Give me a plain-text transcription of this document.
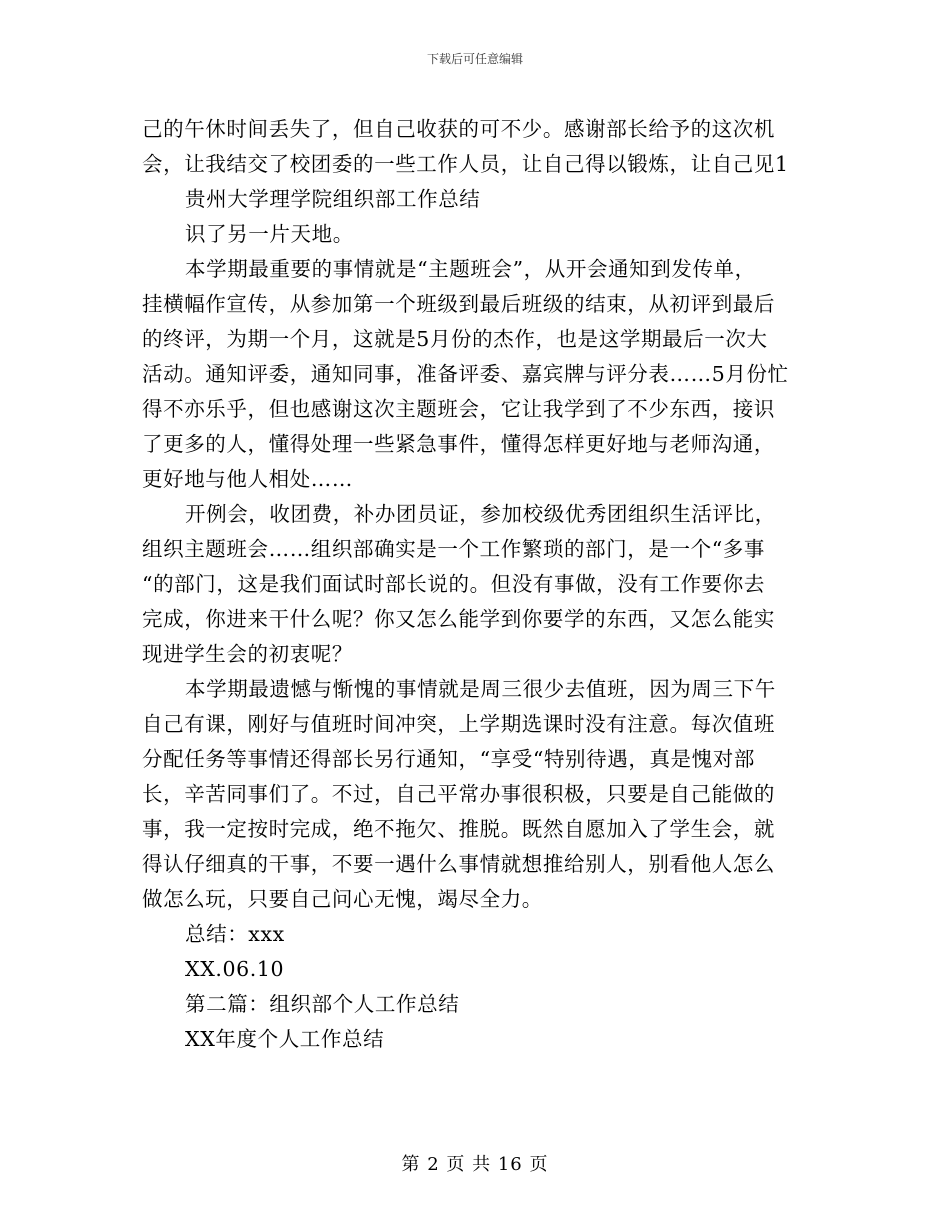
下载后可任意编辑
己的午休时间丢失了，但自己收获的可不少。感谢部长给予的这次机
会，让我结交了校团委的一些工作人员，让自己得以锻炼，让自己见1
贵州大学理学院组织部工作总结
识了另一片天地。
本学期最重要的事情就是“主题班会”，从开会通知到发传单，
挂横幅作宣传，从参加第一个班级到最后班级的结束，从初评到最后
的终评，为期一个月，这就是5月份的杰作，也是这学期最后一次大
活动。通知评委，通知同事，准备评委、嘉宾牌与评分表……5月份忙
得不亦乐乎，但也感谢这次主题班会，它让我学到了不少东西，接识
了更多的人，懂得处理一些紧急事件，懂得怎样更好地与老师沟通，
更好地与他人相处……
开例会，收团费，补办团员证，参加校级优秀团组织生活评比，
组织主题班会……组织部确实是一个工作繁琐的部门，是一个“多事
“的部门，这是我们面试时部长说的。但没有事做，没有工作要你去
完成，你进来干什么呢？你又怎么能学到你要学的东西，又怎么能实
现进学生会的初衷呢？
本学期最遗憾与惭愧的事情就是周三很少去值班，因为周三下午
自己有课，刚好与值班时间冲突，上学期选课时没有注意。每次值班
分配任务等事情还得部长另行通知，“享受“特别待遇，真是愧对部
长，辛苦同事们了。不过，自己平常办事很积极，只要是自己能做的
事，我一定按时完成，绝不拖欠、推脱。既然自愿加入了学生会，就
得认仔细真的干事，不要一遇什么事情就想推给别人，别看他人怎么
做怎么玩，只要自己问心无愧，竭尽全力。
总结：xxx
XX.06.10
第二篇：组织部个人工作总结
XX年度个人工作总结
第 2 页 共 16 页
